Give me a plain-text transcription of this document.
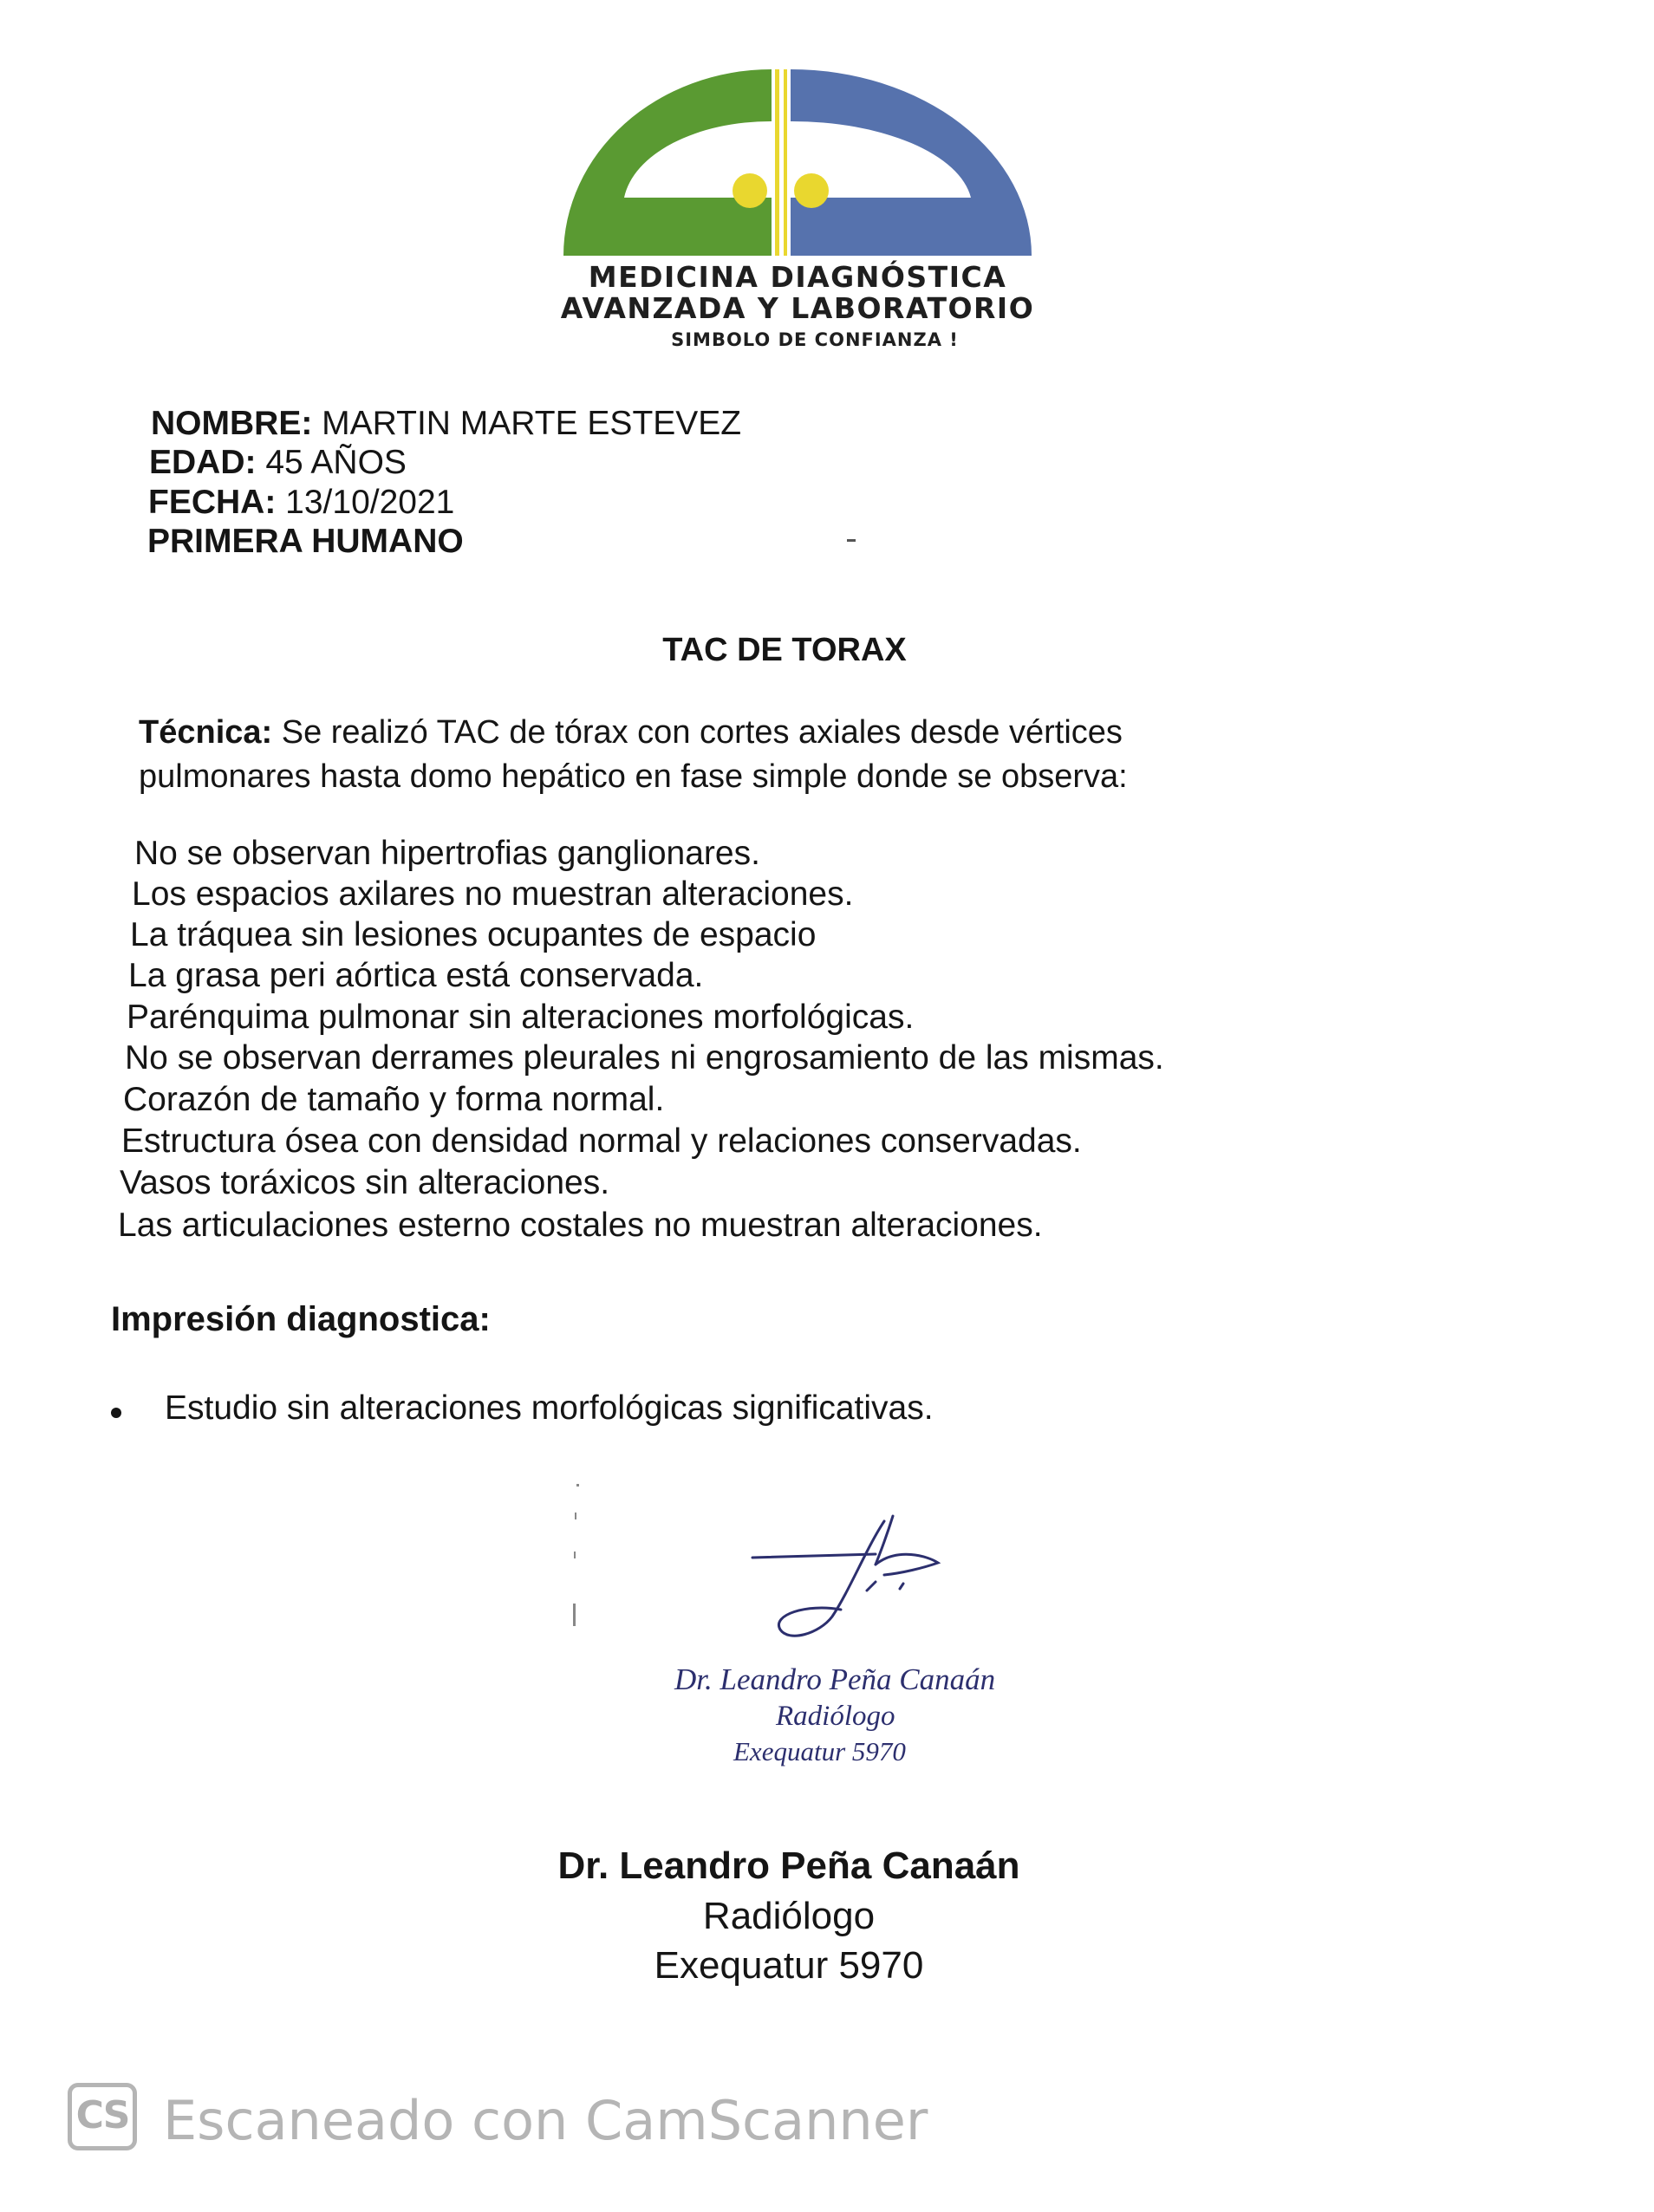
MEDICINA DIAGNÓSTICA
AVANZADA Y LABORATORIO
SIMBOLO DE CONFIANZA !
NOMBRE: MARTIN MARTE ESTEVEZ
EDAD: 45 AÑOS
FECHA: 13/10/2021
PRIMERA HUMANO
TAC DE TORAX
Técnica: Se realizó TAC de tórax con cortes axiales desde vértices
pulmonares hasta domo hepático en fase simple donde se observa:
No se observan hipertrofias ganglionares.
Los espacios axilares no muestran alteraciones.
La tráquea sin lesiones ocupantes de espacio
La grasa peri aórtica está conservada.
Parénquima pulmonar sin alteraciones morfológicas.
No se observan derrames pleurales ni engrosamiento de las mismas.
Corazón de tamaño y forma normal.
Estructura ósea con densidad normal y relaciones conservadas.
Vasos toráxicos sin alteraciones.
Las articulaciones esterno costales no muestran alteraciones.
Impresión diagnostica:
Estudio sin alteraciones morfológicas significativas.
Dr. Leandro Peña Canaán
Radiólogo
Exequatur 5970
Dr. Leandro Peña Canaán
Radiólogo
Exequatur 5970
CS Escaneado con CamScanner
